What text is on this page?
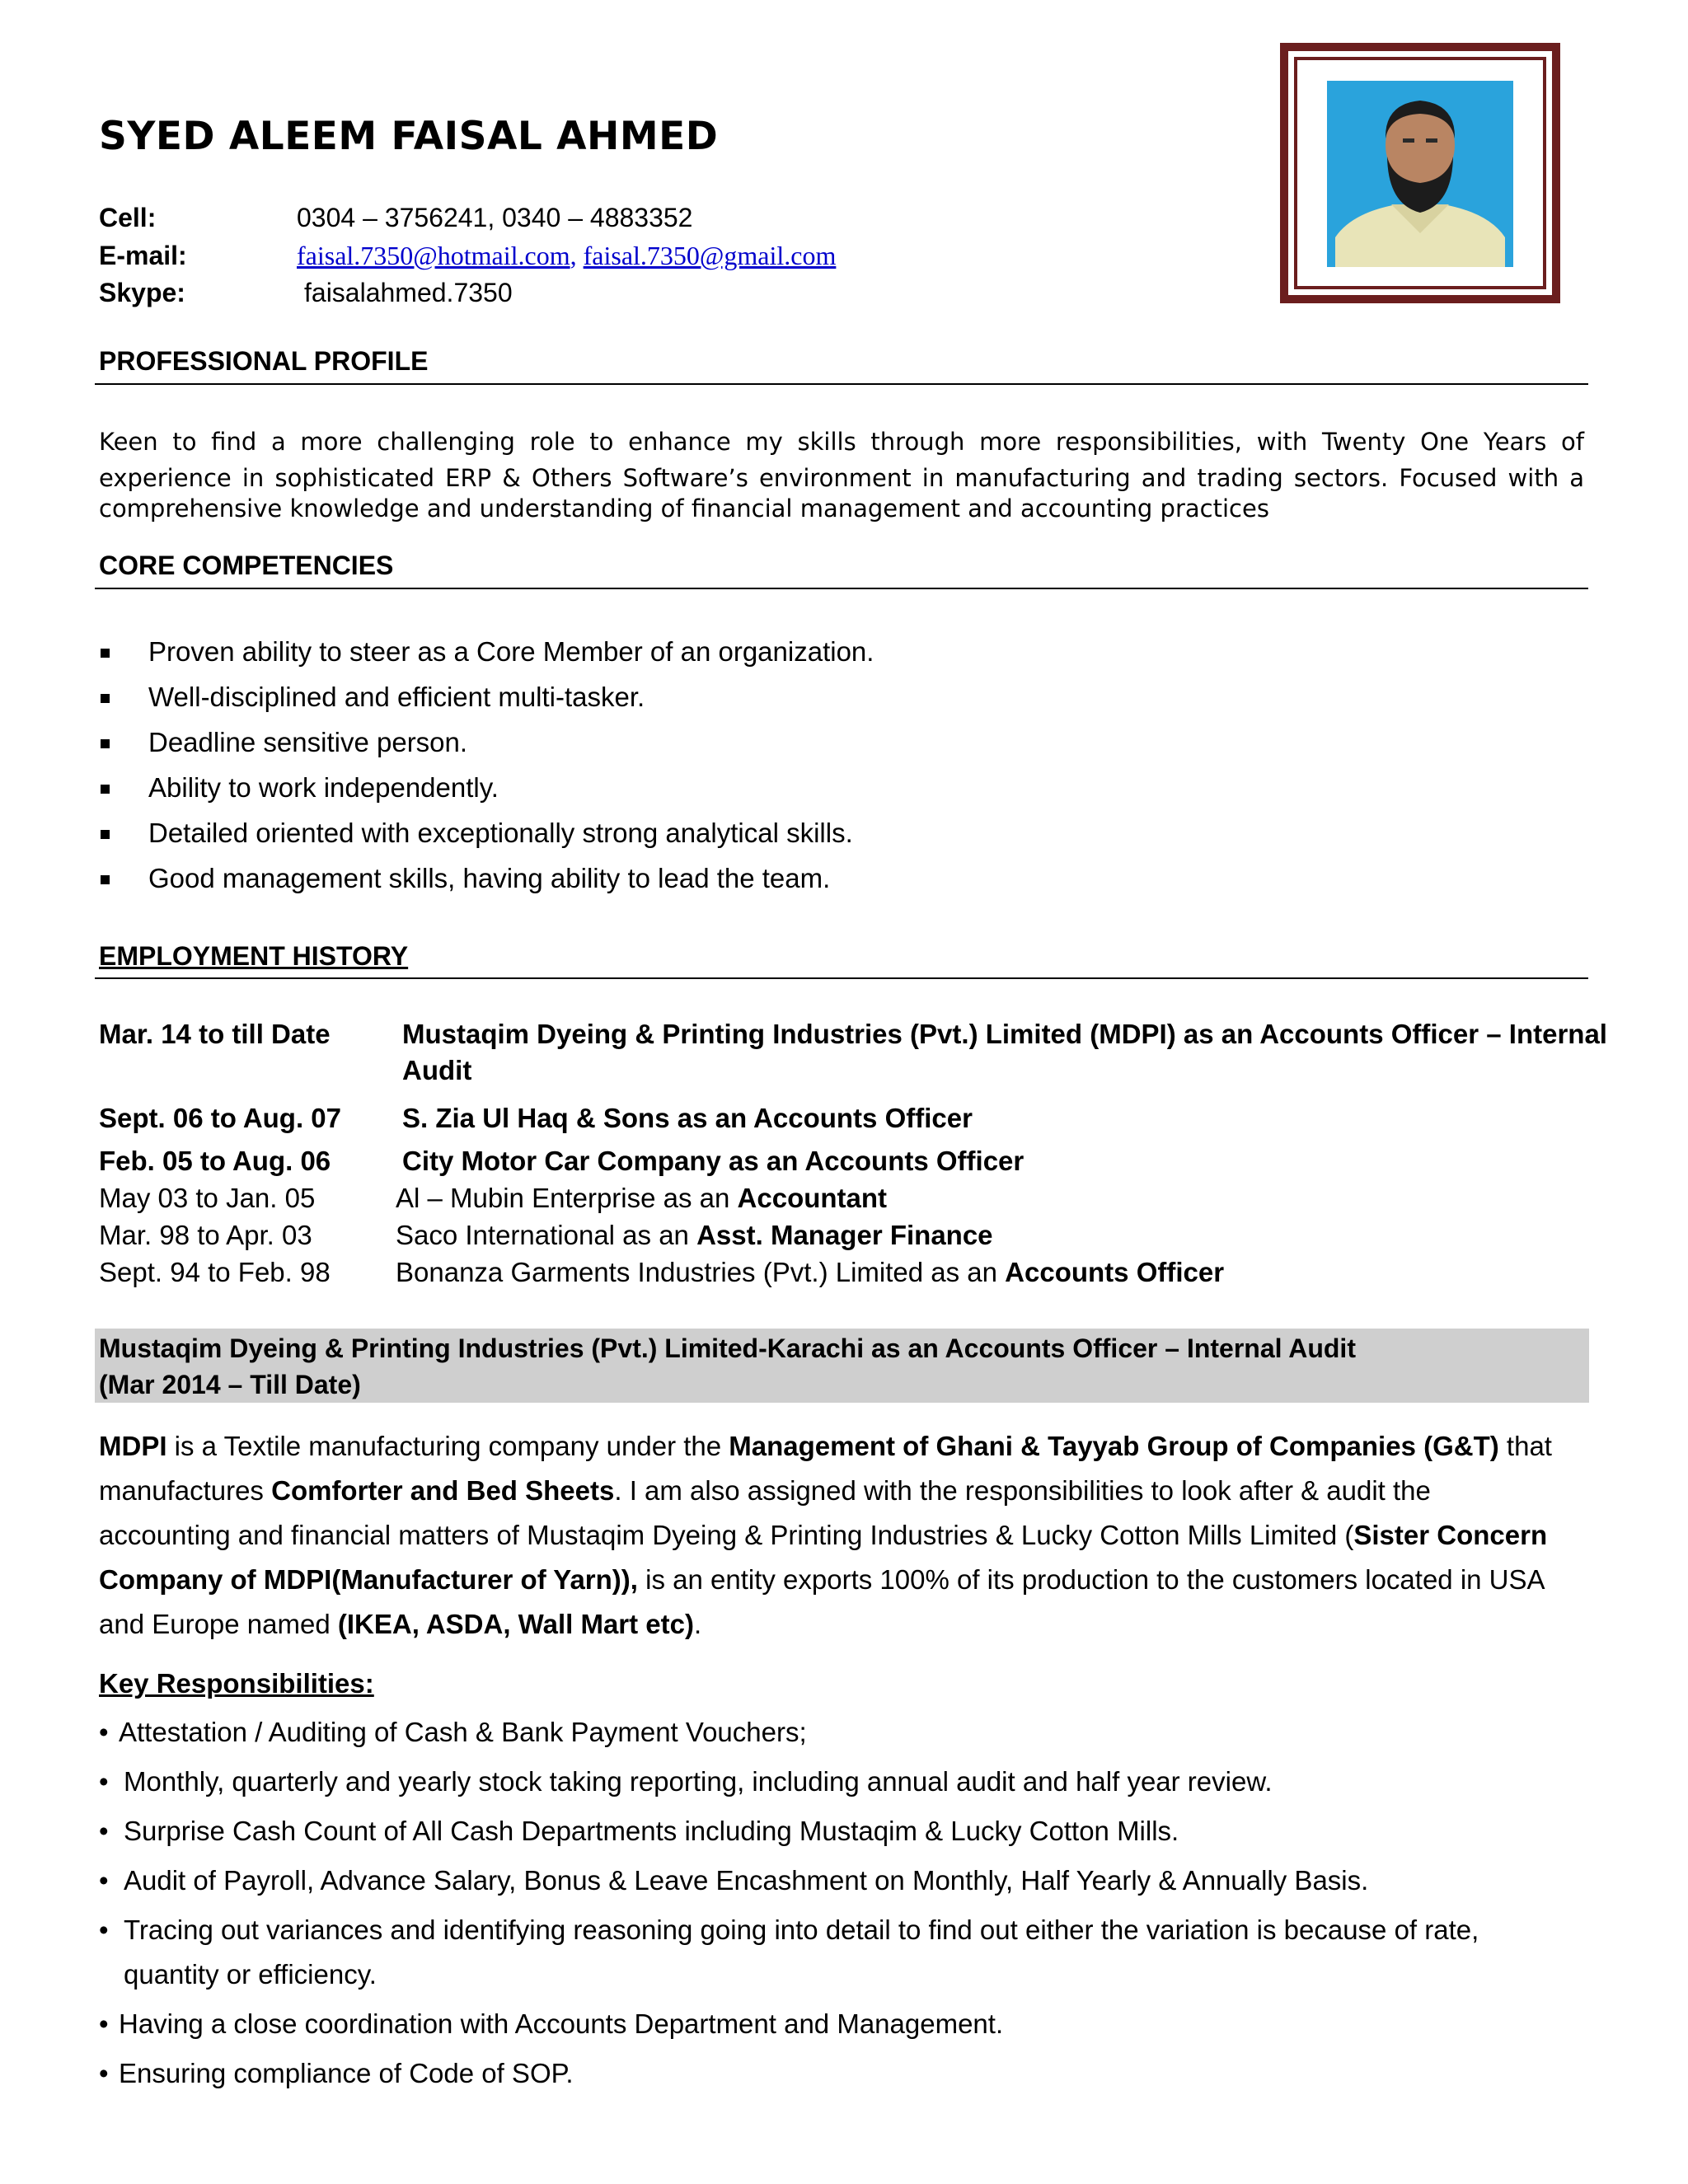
SYED ALEEM FAISAL AHMED
Cell:	0304 – 3756241, 0340 – 4883352
E-mail:	faisal.7350@hotmail.com, faisal.7350@gmail.com
Skype:	faisalahmed.7350
PROFESSIONAL PROFILE
Keen to find a more challenging role to enhance my skills through more responsibilities, with Twenty One Years of
experience in sophisticated ERP & Others Software’s environment in manufacturing and trading sectors. Focused with a
comprehensive knowledge and understanding of financial management and accounting practices
CORE COMPETENCIES
Proven ability to steer as a Core Member of an organization.
Well-disciplined and efficient multi-tasker.
Deadline sensitive person.
Ability to work independently.
Detailed oriented with exceptionally strong analytical skills.
Good management skills, having ability to lead the team.
EMPLOYMENT HISTORY
Mar. 14 to till Date	Mustaqim Dyeing & Printing Industries (Pvt.) Limited (MDPI) as an Accounts Officer – Internal
Audit
Sept. 06 to Aug. 07 S. Zia Ul Haq & Sons as an Accounts Officer
Feb. 05 to Aug. 06	City Motor Car Company as an Accounts Officer
May 03 to Jan. 05	Al – Mubin Enterprise as an Accountant
Mar. 98 to Apr. 03	Saco International as an Asst. Manager Finance
Sept. 94 to Feb. 98 Bonanza Garments Industries (Pvt.) Limited as an Accounts Officer
Mustaqim Dyeing & Printing Industries (Pvt.) Limited-Karachi as an Accounts Officer – Internal Audit
(Mar 2014 – Till Date)
MDPI is a Textile manufacturing company under the Management of Ghani & Tayyab Group of Companies (G&T) that
manufactures Comforter and Bed Sheets. I am also assigned with the responsibilities to look after & audit the
accounting and financial matters of Mustaqim Dyeing & Printing Industries & Lucky Cotton Mills Limited (Sister Concern
Company of MDPI(Manufacturer of Yarn)), is an entity exports 100% of its production to the customers located in USA
and Europe named (IKEA, ASDA, Wall Mart etc).
Key Responsibilities:
• Attestation / Auditing of Cash & Bank Payment Vouchers;
• Monthly, quarterly and yearly stock taking reporting, including annual audit and half year review.
• Surprise Cash Count of All Cash Departments including Mustaqim & Lucky Cotton Mills.
• Audit of Payroll, Advance Salary, Bonus & Leave Encashment on Monthly, Half Yearly & Annually Basis.
• Tracing out variances and identifying reasoning going into detail to find out either the variation is because of rate,
quantity or efficiency.
• Having a close coordination with Accounts Department and Management.
• Ensuring compliance of Code of SOP.
